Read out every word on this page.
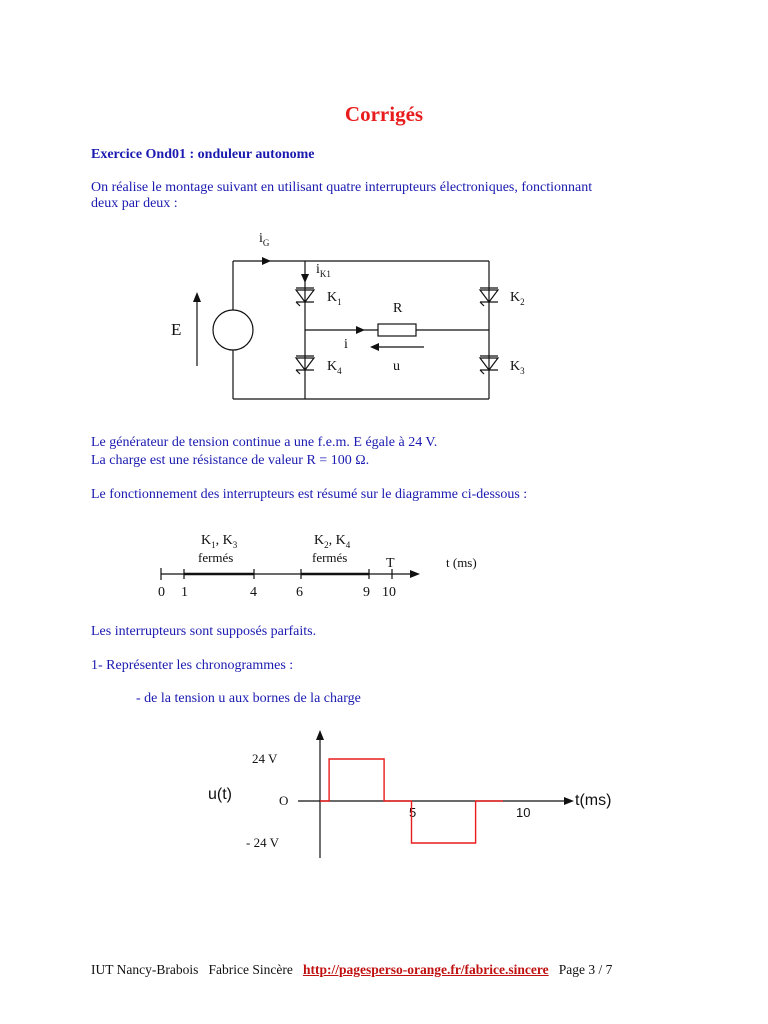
Corrigés
Exercice Ond01 : onduleur autonome
On réalise le montage suivant en utilisant quatre interrupteurs électroniques, fonctionnant
deux par deux :
$i_G$
$i_{K1}$
E
$K_1$	$K_2$
$K_3$
$K_4$
R
i
u
Le générateur de tension continue a une f.e.m. E égale à 24 V.
La charge est une résistance de valeur R = 100 Ω.
Le fonctionnement des interrupteurs est résumé sur le diagramme ci-dessous :
$K_1$, $K_3$
fermés
$K_2$, $K_4$
fermés	T	t (ms)
0 1	4	6	9 10
Les interrupteurs sont supposés parfaits.
1- Représenter les chronogrammes :
- de la tension u aux bornes de la charge
u(t)	t(ms)
O
24 V
- 24 V
5	10
IUT Nancy-Brabois Fabrice Sincère http://pagesperso-orange.fr/fabrice.sincere Page 3 / 7
